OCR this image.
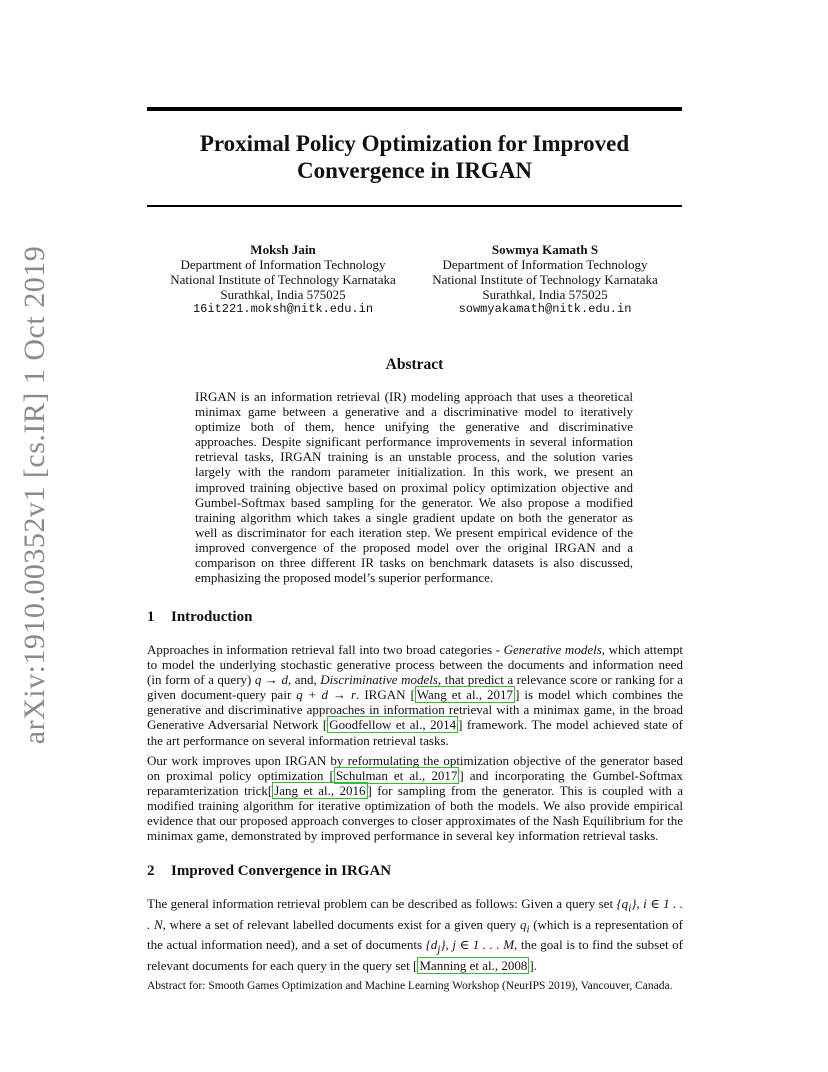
arXiv:1910.00352v1 [cs.IR] 1 Oct 2019
Proximal Policy Optimization for Improved
Convergence in IRGAN
Moksh Jain
Department of Information Technology
National Institute of Technology Karnataka
Surathkal, India 575025
16it221.moksh@nitk.edu.in
Sowmya Kamath S
Department of Information Technology
National Institute of Technology Karnataka
Surathkal, India 575025
sowmyakamath@nitk.edu.in
Abstract

IRGAN is an information retrieval (IR) modeling approach that uses a theoretical minimax game between a generative and a discriminative model to iteratively optimize both of them, hence unifying the generative and discriminative approaches. Despite significant performance improvements in several information retrieval tasks, IRGAN training is an unstable process, and the solution varies largely with the random parameter initialization. In this work, we present an improved training objective based on proximal policy optimization objective and Gumbel-Softmax based sampling for the generator. We also propose a modified training algorithm which takes a single gradient update on both the generator as well as discriminator for each iteration step. We present empirical evidence of the improved convergence of the proposed model over the original IRGAN and a comparison on three different IR tasks on benchmark datasets is also discussed, emphasizing the proposed model’s superior performance.

1 Introduction

Approaches in information retrieval fall into two broad categories - Generative models, which attempt to model the underlying stochastic generative process between the documents and information need (in form of a query) q → d, and, Discriminative models, that predict a relevance score or ranking for a given document-query pair q + d → r. IRGAN [ Wang et al., 2017 ] is model which combines the generative and discriminative approaches in information retrieval with a minimax game, in the broad Generative Adversarial Network [ Goodfellow et al., 2014 ] framework. The model achieved state of the art performance on several information retrieval tasks.

Our work improves upon IRGAN by reformulating the optimization objective of the generator based on proximal policy optimization [ Schulman et al., 2017 ] and incorporating the Gumbel-Softmax reparamterization trick[ Jang et al., 2016 ] for sampling from the generator. This is coupled with a modified training algorithm for iterative optimization of both the models. We also provide empirical evidence that our proposed approach converges to closer approximates of the Nash Equilibrium for the minimax game, demonstrated by improved performance in several key information retrieval tasks.

2 Improved Convergence in IRGAN

The general information retrieval problem can be described as follows: Given a query set $\{q_i\}$, i ∈ 1 . . . N, where a set of relevant labelled documents exist for a given query $q_i$ (which is a representation of the actual information need), and a set of documents $\{d_j\}$, j ∈ 1 . . . M, the goal is to find the subset of relevant documents for each query in the query set [ Manning et al., 2008 ].

Abstract for: Smooth Games Optimization and Machine Learning Workshop (NeurIPS 2019), Vancouver, Canada.
